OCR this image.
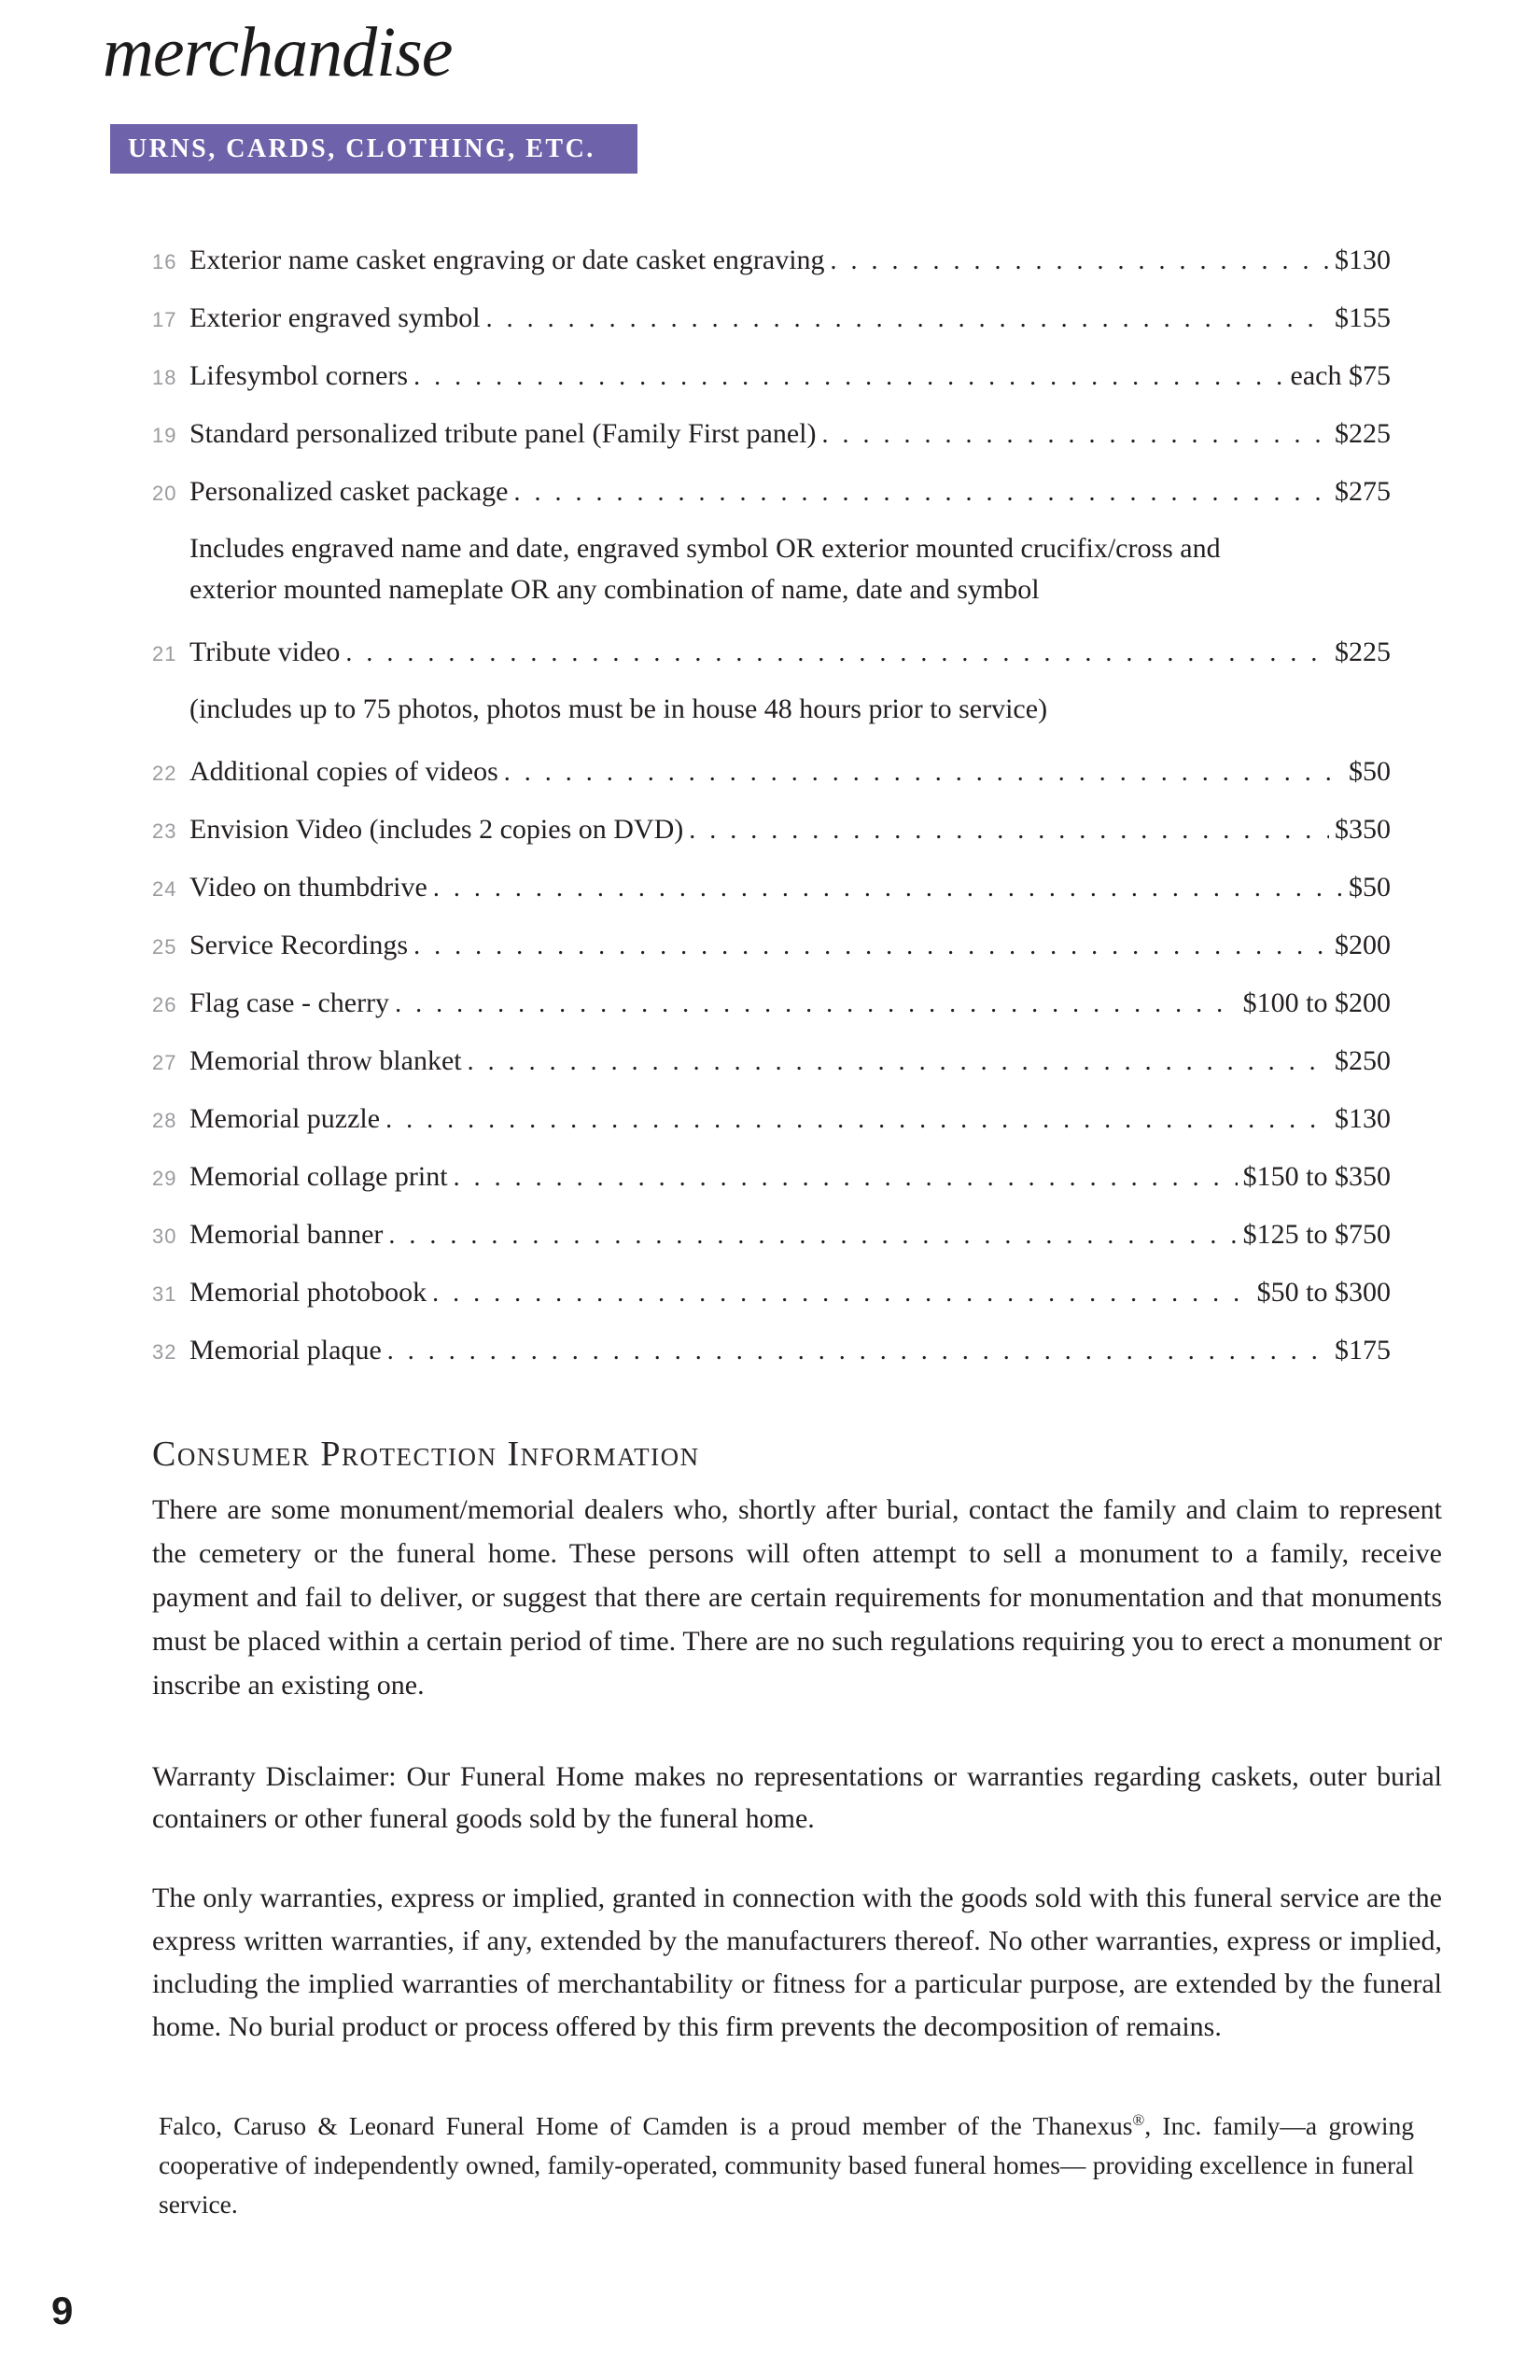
merchandise
URNS, CARDS, CLOTHING, ETC.
16 Exterior name casket engraving or date casket engraving . . .	$130
17 Exterior engraved symbol . . .	$155
18 Lifesymbol corners . . .	each $75
19 Standard personalized tribute panel (Family First panel) . . .	$225
20 Personalized casket package . . .	$275
Includes engraved name and date, engraved symbol OR exterior mounted crucifix/cross and exterior mounted nameplate OR any combination of name, date and symbol
21 Tribute video . . .	$225
(includes up to 75 photos, photos must be in house 48 hours prior to service)
22 Additional copies of videos . . .	$50
23 Envision Video (includes 2 copies on DVD) . . .	$350
24 Video on thumbdrive . . .	$50
25 Service Recordings . . .	$200
26 Flag case - cherry . . .	$100 to $200
27 Memorial throw blanket . . .	$250
28 Memorial puzzle . . .	$130
29 Memorial collage print . . .	$150 to $350
30 Memorial banner . . .	$125 to $750
31 Memorial photobook . . .	$50 to $300
32 Memorial plaque . . .	$175
Consumer Protection Information
There are some monument/memorial dealers who, shortly after burial, contact the family and claim to represent the cemetery or the funeral home. These persons will often attempt to sell a monument to a family, receive payment and fail to deliver, or suggest that there are certain requirements for monumentation and that monuments must be placed within a certain period of time. There are no such regulations requiring you to erect a monument or inscribe an existing one.
Warranty Disclaimer: Our Funeral Home makes no representations or warranties regarding caskets, outer burial containers or other funeral goods sold by the funeral home.
The only warranties, express or implied, granted in connection with the goods sold with this funeral service are the express written warranties, if any, extended by the manufacturers thereof. No other warranties, express or implied, including the implied warranties of merchantability or fitness for a particular purpose, are extended by the funeral home. No burial product or process offered by this firm prevents the decomposition of remains.
Falco, Caruso & Leonard Funeral Home of Camden is a proud member of the Thanexus®, Inc. family—a growing cooperative of independently owned, family-operated, community based funeral homes— providing excellence in funeral service.
9
